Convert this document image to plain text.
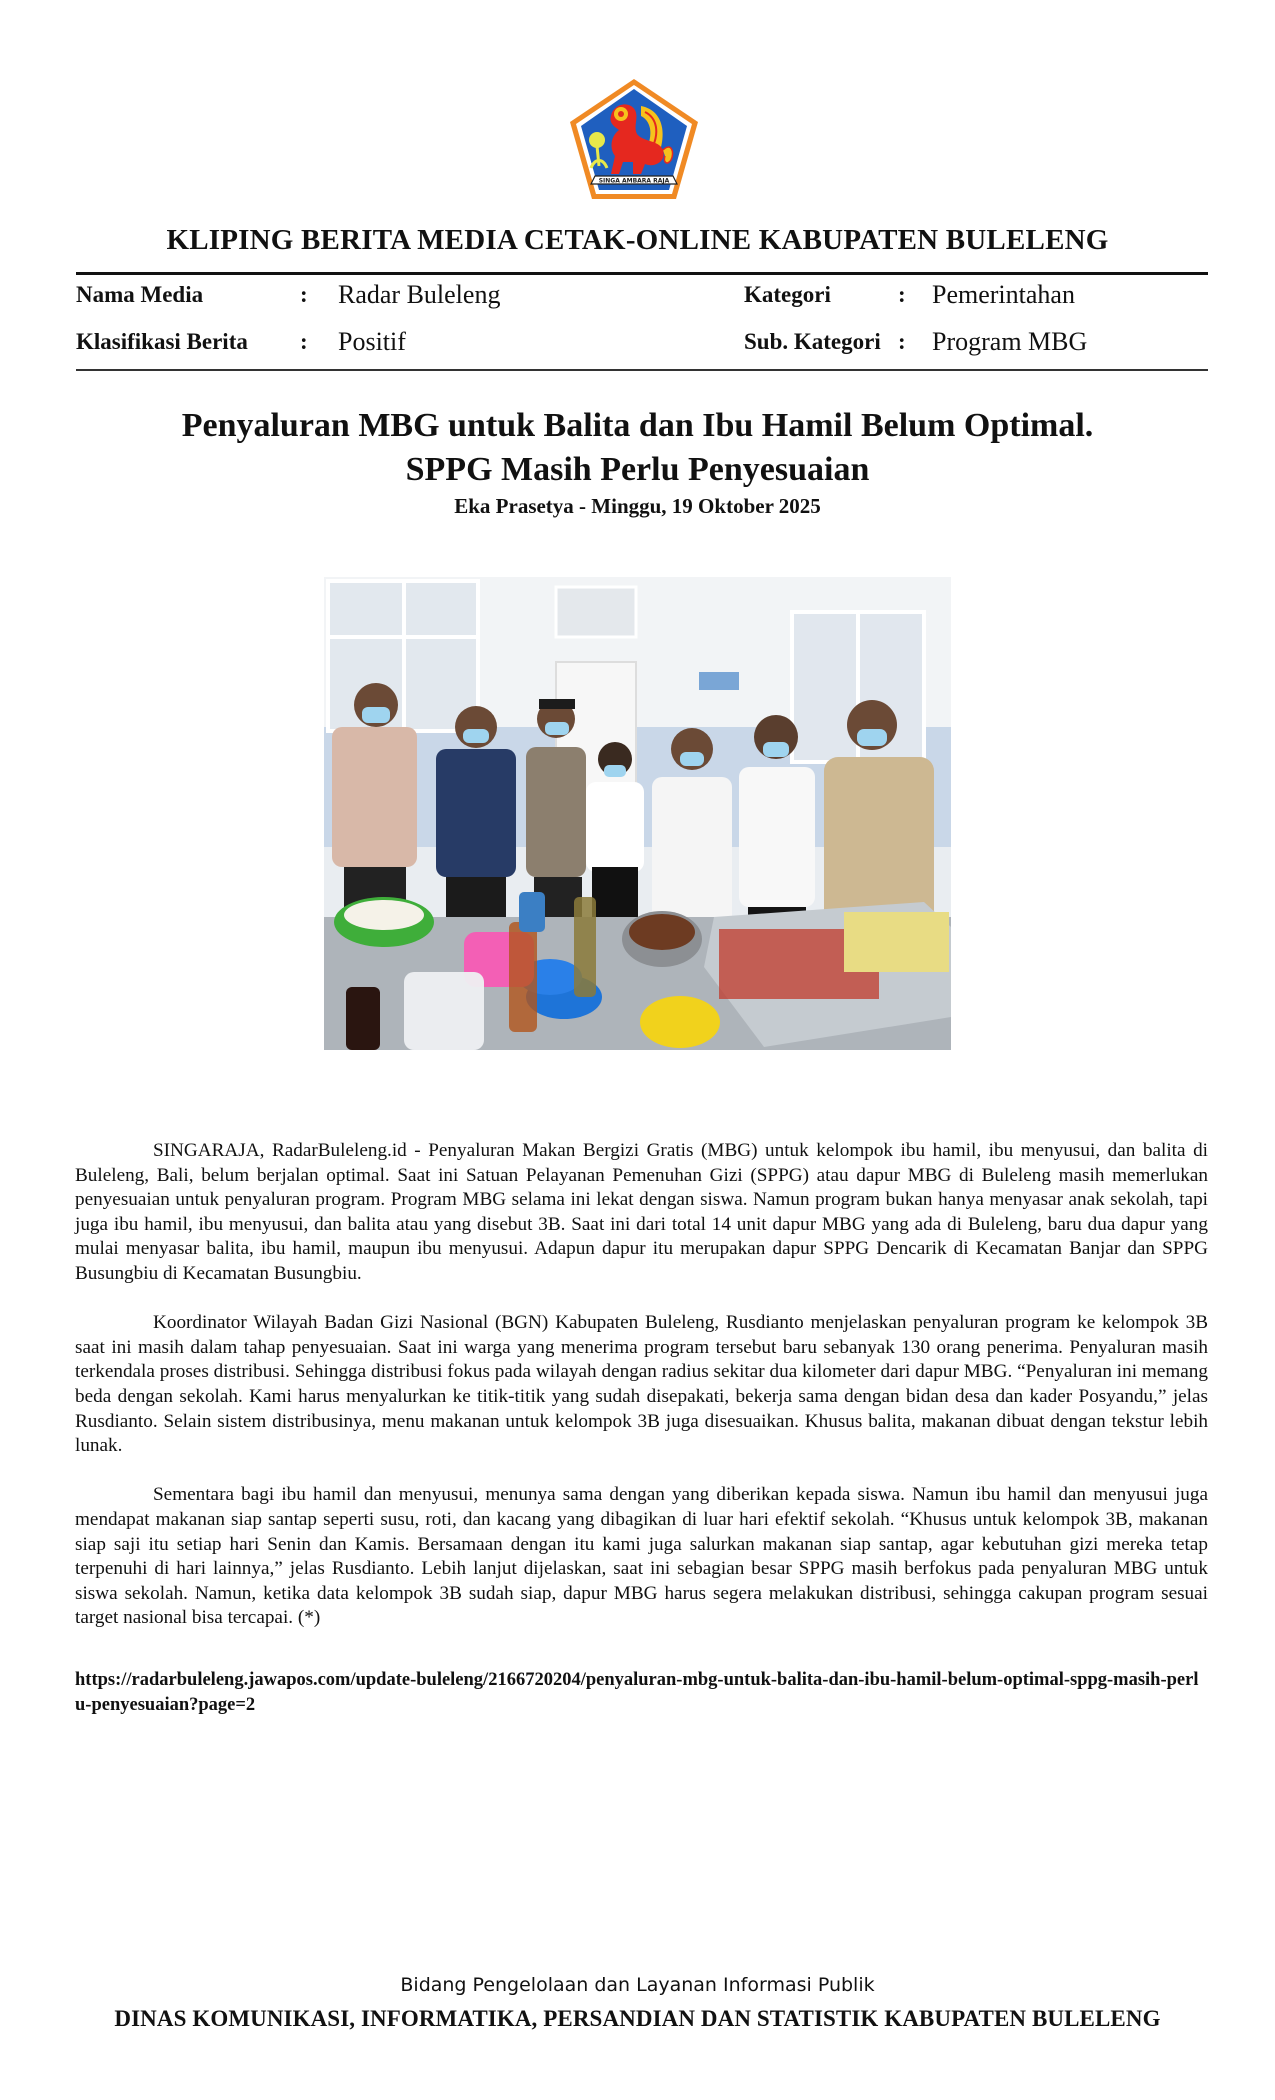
SINGA AMBARA RAJA
KLIPING BERITA MEDIA CETAK-ONLINE KABUPATEN BULELENG
Nama Media	: Radar Buleleng
Klasifikasi Berita : Positif
Kategori	: Pemerintahan
Sub. Kategori : Program MBG
Penyaluran MBG untuk Balita dan Ibu Hamil Belum Optimal.
SPPG Masih Perlu Penyesuaian
Eka Prasetya - Minggu, 19 Oktober 2025

SINGARAJA, RadarBuleleng.id - Penyaluran Makan Bergizi Gratis (MBG) untuk kelompok ibu hamil, ibu menyusui, dan balita di Buleleng, Bali, belum berjalan optimal. Saat ini Satuan Pelayanan Pemenuhan Gizi (SPPG) atau dapur MBG di Buleleng masih memerlukan penyesuaian untuk penyaluran program. Program MBG selama ini lekat dengan siswa. Namun program bukan hanya menyasar anak sekolah, tapi juga ibu hamil, ibu menyusui, dan balita atau yang disebut 3B. Saat ini dari total 14 unit dapur MBG yang ada di Buleleng, baru dua dapur yang mulai menyasar balita, ibu hamil, maupun ibu menyusui. Adapun dapur itu merupakan dapur SPPG Dencarik di Kecamatan Banjar dan SPPG Busungbiu di Kecamatan Busungbiu.

Koordinator Wilayah Badan Gizi Nasional (BGN) Kabupaten Buleleng, Rusdianto menjelaskan penyaluran program ke kelompok 3B saat ini masih dalam tahap penyesuaian. Saat ini warga yang menerima program tersebut baru sebanyak 130 orang penerima. Penyaluran masih terkendala proses distribusi. Sehingga distribusi fokus pada wilayah dengan radius sekitar dua kilometer dari dapur MBG. “Penyaluran ini memang beda dengan sekolah. Kami harus menyalurkan ke titik-titik yang sudah disepakati, bekerja sama dengan bidan desa dan kader Posyandu,” jelas Rusdianto. Selain sistem distribusinya, menu makanan untuk kelompok 3B juga disesuaikan. Khusus balita, makanan dibuat dengan tekstur lebih lunak.

Sementara bagi ibu hamil dan menyusui, menunya sama dengan yang diberikan kepada siswa. Namun ibu hamil dan menyusui juga mendapat makanan siap santap seperti susu, roti, dan kacang yang dibagikan di luar hari efektif sekolah. “Khusus untuk kelompok 3B, makanan siap saji itu setiap hari Senin dan Kamis. Bersamaan dengan itu kami juga salurkan makanan siap santap, agar kebutuhan gizi mereka tetap terpenuhi di hari lainnya,” jelas Rusdianto. Lebih lanjut dijelaskan, saat ini sebagian besar SPPG masih berfokus pada penyaluran MBG untuk siswa sekolah. Namun, ketika data kelompok 3B sudah siap, dapur MBG harus segera melakukan distribusi, sehingga cakupan program sesuai target nasional bisa tercapai. (*)

https://radarbuleleng.jawapos.com/update-buleleng/2166720204/penyaluran-mbg-untuk-balita-dan-ibu-hamil-belum-optimal-sppg-masih-perlu-penyesuaian?page=2
Bidang Pengelolaan dan Layanan Informasi Publik
DINAS KOMUNIKASI, INFORMATIKA, PERSANDIAN DAN STATISTIK KABUPATEN BULELENG
